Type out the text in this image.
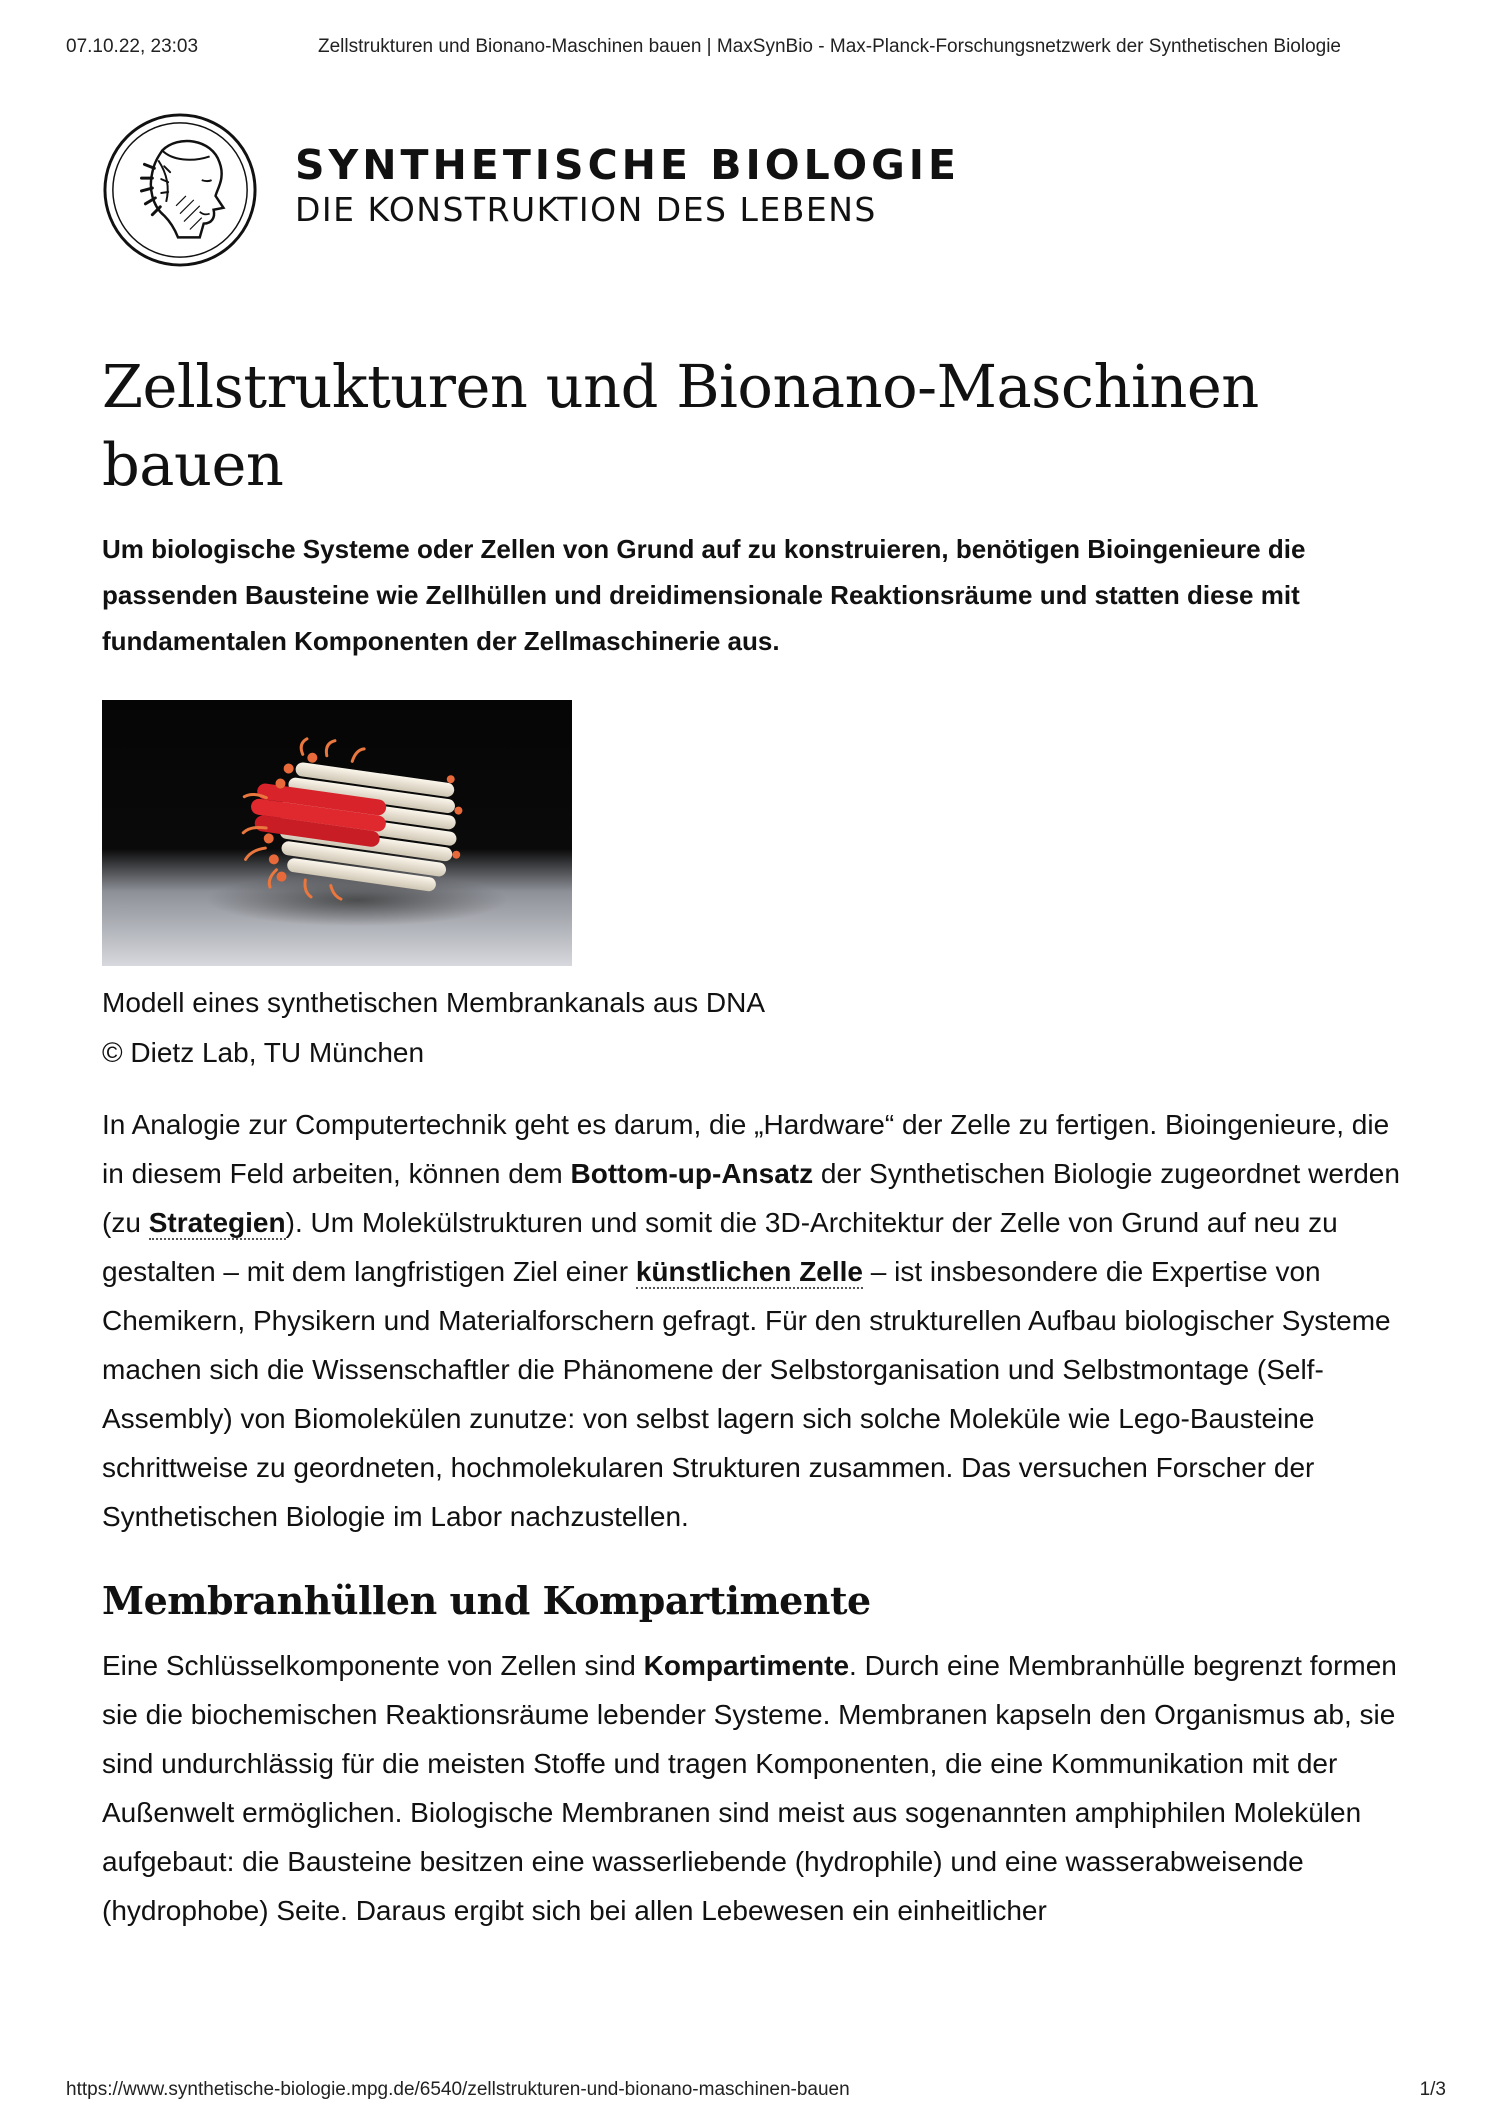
07.10.22, 23:03	Zellstrukturen und Bionano-Maschinen bauen | MaxSynBio - Max-Planck-Forschungsnetzwerk der Synthetischen Biologie
SYNTHETISCHE BIOLOGIE
DIE KONSTRUKTION DES LEBENS
Zellstrukturen und Bionano-Maschinen bauen

Um biologische Systeme oder Zellen von Grund auf zu konstruieren, benötigen Bioingenieure die passenden Bausteine wie Zellhüllen und dreidimensionale Reaktionsräume und statten diese mit fundamentalen Komponenten der Zellmaschinerie aus.

Modell eines synthetischen Membrankanals aus DNA
© Dietz Lab, TU München

In Analogie zur Computertechnik geht es darum, die „Hardware“ der Zelle zu fertigen. Bioingenieure, die in diesem Feld arbeiten, können dem Bottom-up-Ansatz der Synthetischen Biologie zugeordnet werden (zu Strategien). Um Molekülstrukturen und somit die 3D-Architektur der Zelle von Grund auf neu zu gestalten – mit dem langfristigen Ziel einer künstlichen Zelle – ist insbesondere die Expertise von Chemikern, Physikern und Materialforschern gefragt. Für den strukturellen Aufbau biologischer Systeme machen sich die Wissenschaftler die Phänomene der Selbstorganisation und Selbstmontage (Self-Assembly) von Biomolekülen zunutze: von selbst lagern sich solche Moleküle wie Lego-Bausteine schrittweise zu geordneten, hochmolekularen Strukturen zusammen. Das versuchen Forscher der Synthetischen Biologie im Labor nachzustellen.

Membranhüllen und Kompartimente

Eine Schlüsselkomponente von Zellen sind Kompartimente. Durch eine Membranhülle begrenzt formen sie die biochemischen Reaktionsräume lebender Systeme. Membranen kapseln den Organismus ab, sie sind undurchlässig für die meisten Stoffe und tragen Komponenten, die eine Kommunikation mit der Außenwelt ermöglichen. Biologische Membranen sind meist aus sogenannten amphiphilen Molekülen aufgebaut: die Bausteine besitzen eine wasserliebende (hydrophile) und eine wasserabweisende (hydrophobe) Seite. Daraus ergibt sich bei allen Lebewesen ein einheitlicher

https://www.synthetische-biologie.mpg.de/6540/zellstrukturen-und-bionano-maschinen-bauen	1/3
